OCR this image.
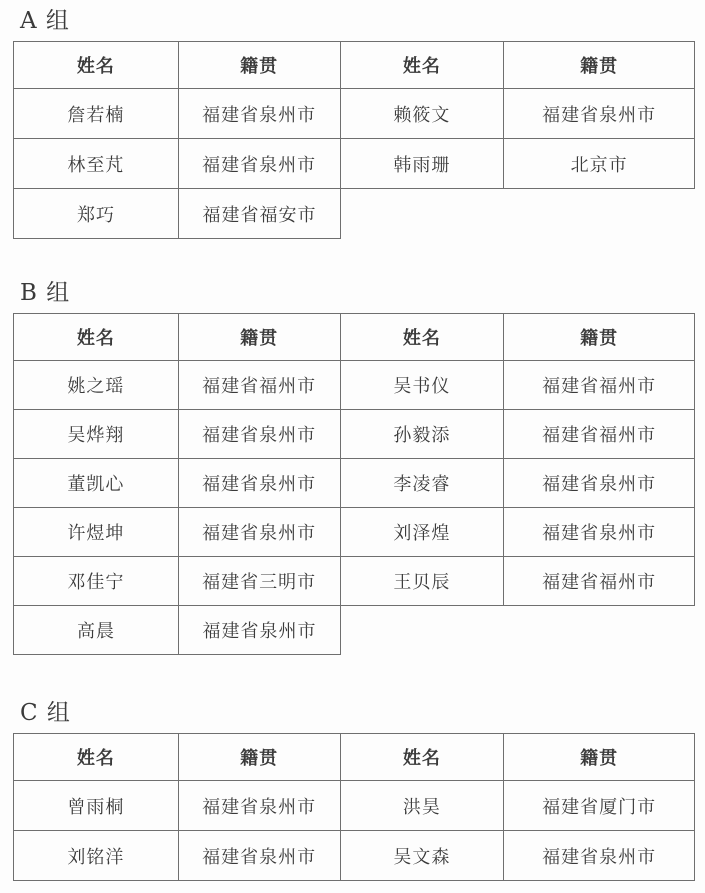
A 组
姓名	籍贯	姓名	籍贯
詹若楠	福建省泉州市	赖筱文	福建省泉州市
林至芃	福建省泉州市	韩雨珊	北京市
郑巧	福建省福安市
B 组
姓名	籍贯	姓名	籍贯
姚之瑶	福建省福州市	吴书仪	福建省福州市
吴烨翔	福建省泉州市	孙毅添	福建省福州市
董凯心	福建省泉州市	李凌睿	福建省泉州市
许煜坤	福建省泉州市	刘泽煌	福建省泉州市
邓佳宁	福建省三明市	王贝辰	福建省福州市
高晨	福建省泉州市
C 组
姓名	籍贯	姓名	籍贯
曾雨桐	福建省泉州市	洪昊	福建省厦门市
刘铭洋	福建省泉州市	吴文森	福建省泉州市
